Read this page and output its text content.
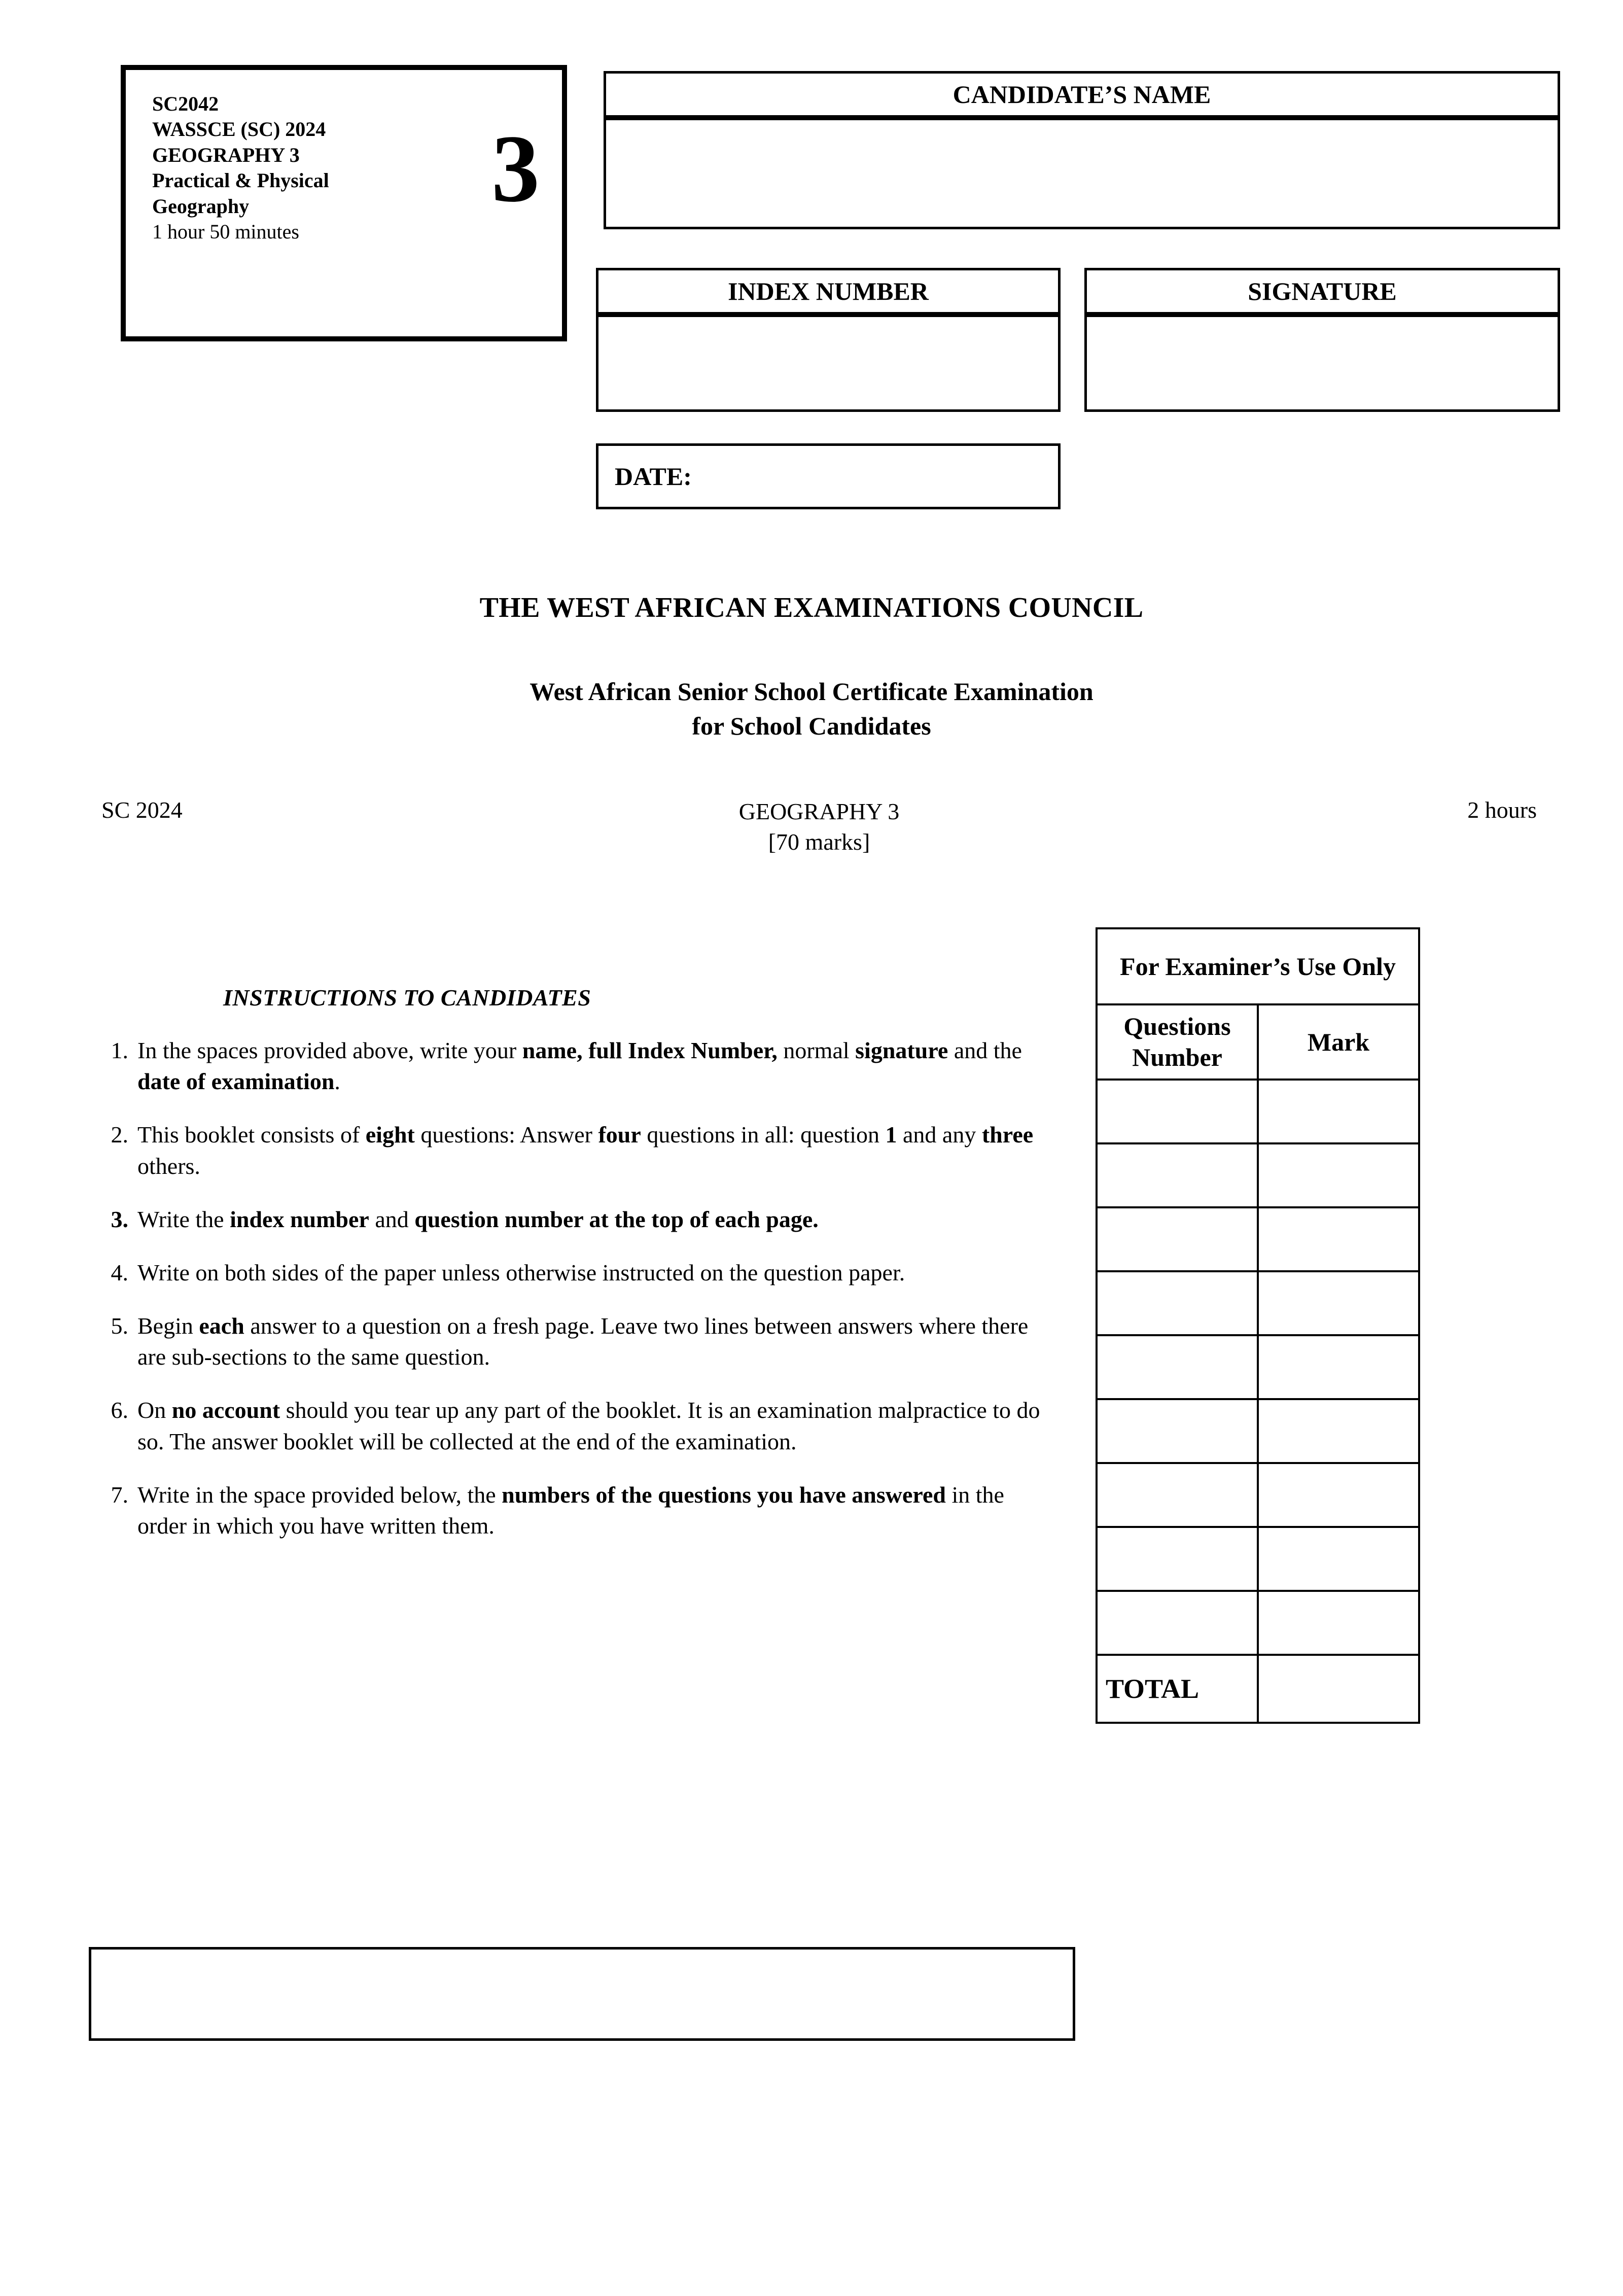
SC2042
WASSCE (SC) 2024
GEOGRAPHY 3
Practical & Physical
Geography
1 hour 50 minutes
3
CANDIDATE’S NAME
INDEX NUMBER	SIGNATURE
DATE:
THE WEST AFRICAN EXAMINATIONS COUNCIL
West African Senior School Certificate Examination
for School Candidates
GEOGRAPHY 3
[70 marks]
SC 2024	2 hours
INSTRUCTIONS TO CANDIDATES
1. In the spaces provided above, write your name, full Index Number, normal signature and the date of examination.
2. This booklet consists of eight questions: Answer four questions in all: question 1 and any three others.
3. Write the index number and question number at the top of each page.
4. Write on both sides of the paper unless otherwise instructed on the question paper.
5. Begin each answer to a question on a fresh page. Leave two lines between answers where there are sub-sections to the same question.
6. On no account should you tear up any part of the booklet. It is an examination malpractice to do so. The answer booklet will be collected at the end of the examination.
7. Write in the space provided below, the numbers of the questions you have answered in the order in which you have written them.
For Examiner’s Use Only	
Questions Number	Mark

TOTAL	
